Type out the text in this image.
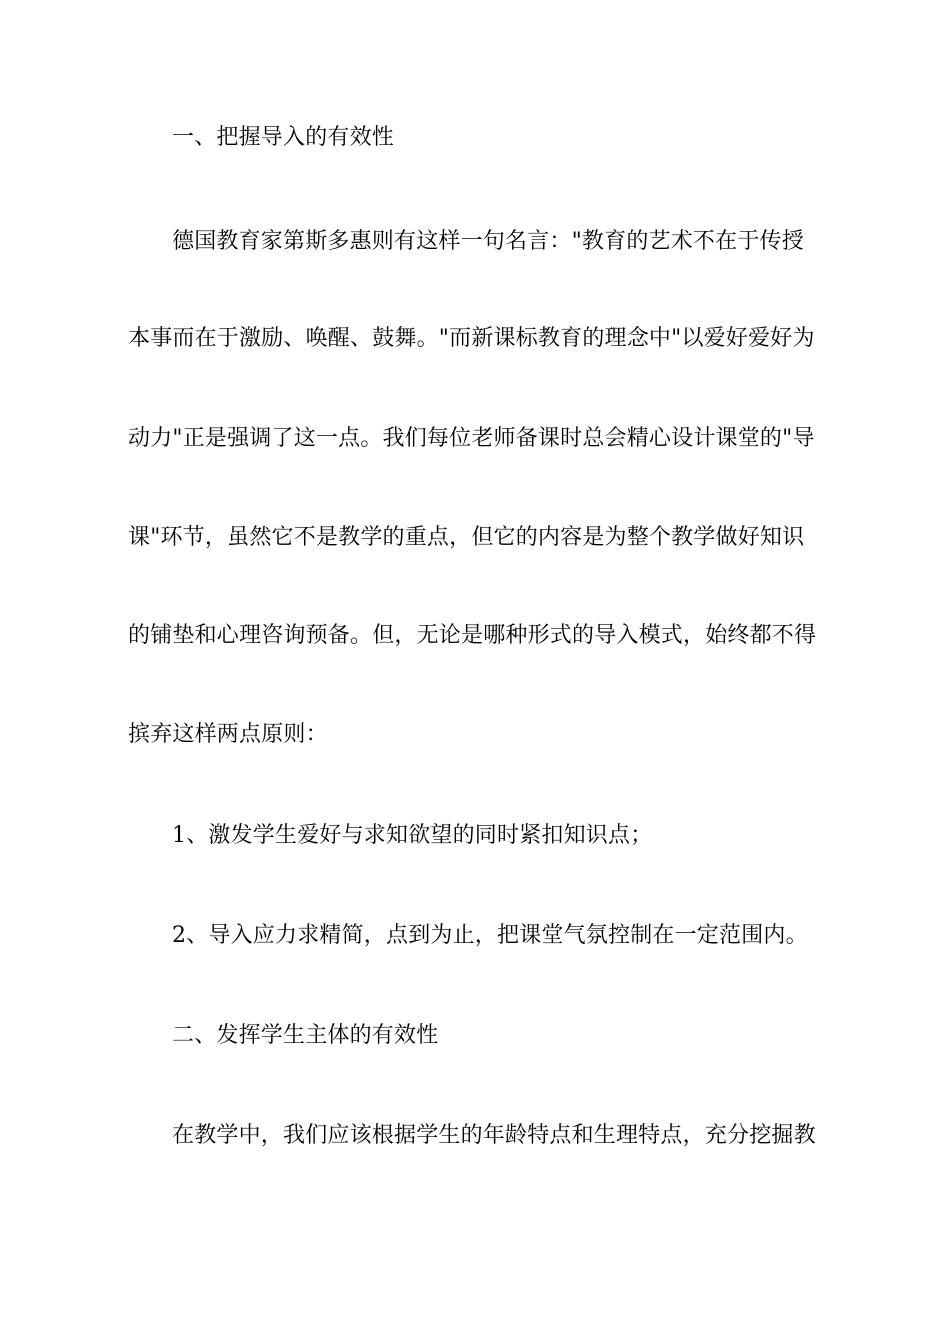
一、把握导入的有效性
德国教育家第斯多惠则有这样一句名言："教育的艺术不在于传授
本事而在于激励、唤醒、鼓舞。"而新课标教育的理念中"以爱好爱好为
动力"正是强调了这一点。我们每位老师备课时总会精心设计课堂的"导
课"环节，虽然它不是教学的重点，但它的内容是为整个教学做好知识
的铺垫和心理咨询预备。但，无论是哪种形式的导入模式，始终都不得
摈弃这样两点原则：
1、激发学生爱好与求知欲望的同时紧扣知识点；
2、导入应力求精简，点到为止，把课堂气氛控制在一定范围内。
二、发挥学生主体的有效性
在教学中，我们应该根据学生的年龄特点和生理特点，充分挖掘教
